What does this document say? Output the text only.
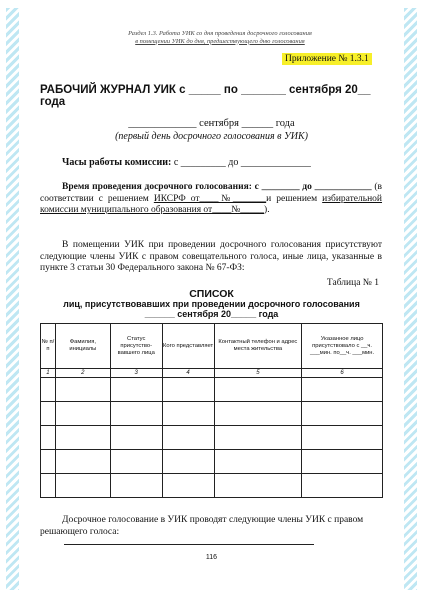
Раздел 1.3. Работа УИК со дня проведения досрочного голосования
в помещении УИК до дня, предшествующего дню голосования
Приложение № 1.3.1
РАБОЧИЙ ЖУРНАЛ УИК с _____ по _______ сентября 20__ года
_____________ сентября ______ года
(первый день досрочного голосования в УИК)
Часы работы комиссии: с _________ до ______________
Время проведения досрочного голосования: с ________ до ____________ (в соответствии с решением ИКСРФ от____№_______и решением избирательной комиссии муниципального образования от____№_____).
В помещении УИК при проведении досрочного голосования присутствуют следующие члены УИК с правом совещательного голоса, иные лица, указанные в пункте 3 статьи 30 Федерального закона № 67-ФЗ:
Таблица № 1
СПИСОК
лиц, присутствовавших при проведении досрочного голосования
______ сентября 20_____ года
№ п/ п	Фамилия, инициалы	Статус присутство-вавшего лица	Кого представляет	Контактный телефон и адрес места жительства	Указанное лицо присутствовало с __ч. ___мин. по__ч. ___мин.
1	2	3	4	5	6

Досрочное голосование в УИК проводят следующие члены УИК с правом решающего голоса:
116
